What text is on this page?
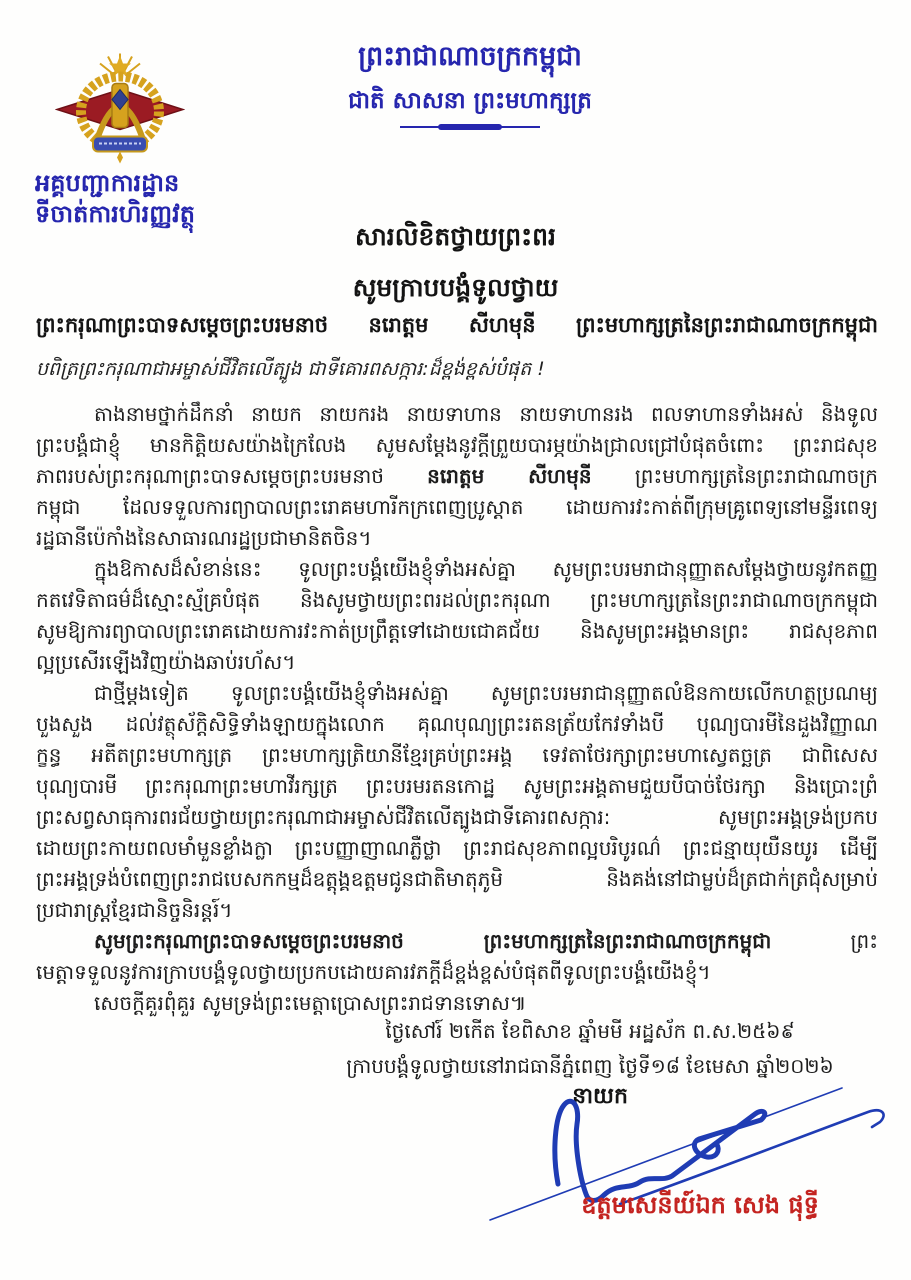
អគ្គបញ្ជាការដ្ឋាន
ទីចាត់ការហិរញ្ញវត្ថុ
ព្រះរាជាណាចក្រកម្ពុជា
ជាតិ សាសនា ព្រះមហាក្សត្រ
សារលិខិតថ្វាយព្រះពរ
សូមក្រាបបង្គំទូលថ្វាយ
ព្រះករុណាព្រះបាទសម្តេចព្រះបរមនាថ នរោត្តម សីហមុនី ព្រះមហាក្សត្រនៃព្រះរាជាណាចក្រកម្ពុជា
បពិត្រព្រះករុណាជាអម្ចាស់ជីវិតលើត្បូង ជាទីគោរពសក្ការ:ដ៏ខ្ពង់ខ្ពស់បំផុត !
តាងនាមថ្នាក់ដឹកនាំ នាយក នាយករង នាយទាហាន នាយទាហានរង ពលទាហានទាំងអស់ និងទូល
ព្រះបង្គំជាខ្ញុំ មានកិត្តិយសយ៉ាងក្រៃលែង សូមសម្តែងនូវក្តីព្រួយបារម្ភយ៉ាងជ្រាលជ្រៅបំផុតចំពោះ ព្រះរាជសុខ
ភាពរបស់ព្រះករុណាព្រះបាទសម្តេចព្រះបរមនាថ នរោត្តម សីហមុនី ព្រះមហាក្សត្រនៃព្រះរាជាណាចក្រ
កម្ពុជា ដែលទទួលការព្យាបាលព្រះរោគមហារីកក្រពេញប្រូស្តាត ដោយការវះកាត់ពីក្រុមគ្រូពេទ្យនៅមន្ទីរពេទ្យ
រដ្ឋធានីប៉េកាំងនៃសាធារណរដ្ឋប្រជាមានិតចិន។
ក្នុងឱកាសដ៏សំខាន់នេះ ទូលព្រះបង្គំយើងខ្ញុំទាំងអស់គ្នា សូមព្រះបរមរាជានុញ្ញាតសម្តែងថ្វាយនូវកតញ្ញ
កតវេទិតាធម៌ដ៏ស្មោះស្ម័គ្របំផុត និងសូមថ្វាយព្រះពរដល់ព្រះករុណា ព្រះមហាក្សត្រនៃព្រះរាជាណាចក្រកម្ពុជា
សូមឱ្យការព្យាបាលព្រះរោគដោយការវះកាត់ប្រព្រឹត្តទៅដោយជោគជ័យ និងសូមព្រះអង្គមានព្រះ រាជសុខភាព
ល្អប្រសើរឡើងវិញយ៉ាងឆាប់រហ័ស។
ជាថ្មីម្តងទៀត ទូលព្រះបង្គំយើងខ្ញុំទាំងអស់គ្នា សូមព្រះបរមរាជានុញ្ញាតលំឱនកាយលើកហត្ថប្រណម្យ
បួងសួង ដល់វត្ថុស័ក្តិសិទ្ធិទាំងឡាយក្នុងលោក គុណបុណ្យព្រះរតនត្រ័យកែវទាំងបី បុណ្យបារមីនៃដួងវិញ្ញាណ
ក្ខន្ធ អតីតព្រះមហាក្សត្រ ព្រះមហាក្សត្រិយានីខ្មែរគ្រប់ព្រះអង្គ ទេវតាថែរក្សាព្រះមហាស្វេតច្ឆត្រ ជាពិសេស
បុណ្យបារមី ព្រះករុណាព្រះមហាវីរក្សត្រ ព្រះបរមរតនកោដ្ឋ សូមព្រះអង្គតាមជួយបីបាច់ថែរក្សា និងប្រោះព្រំ
ព្រះសព្វសាធុការពរជ័យថ្វាយព្រះករុណាជាអម្ចាស់ជីវិតលើត្បូងជាទីគោរពសក្ការ: សូមព្រះអង្គទ្រង់ប្រកប
ដោយព្រះកាយពលមាំមួនខ្លាំងក្លា ព្រះបញ្ញាញាណភ្លឺថ្លា ព្រះរាជសុខភាពល្អបរិបូរណ៌ ព្រះជន្មាយុយឺនយូរ ដើម្បី
ព្រះអង្គទ្រង់បំពេញព្រះរាជបេសកកម្មដ៏ឧត្តុង្គឧត្តមជូនជាតិមាតុភូមិ និងគង់នៅជាម្លប់ដ៏ត្រជាក់ត្រជុំសម្រាប់
ប្រជារាស្ត្រខ្មែរជានិច្ចនិរន្តរ៍។
សូមព្រះករុណាព្រះបាទសម្តេចព្រះបរមនាថ ព្រះមហាក្សត្រនៃព្រះរាជាណាចក្រកម្ពុជា ព្រះ
មេត្តាទទួលនូវការក្រាបបង្គំទូលថ្វាយប្រកបដោយគារវភក្តីដ៏ខ្ពង់ខ្ពស់បំផុតពីទូលព្រះបង្គំយើងខ្ញុំ។
សេចក្តីគួរពុំគួរ សូមទ្រង់ព្រះមេត្តាប្រោសព្រះរាជទានទោស៕
ថ្ងៃសៅរ៍ ២កើត ខែពិសាខ ឆ្នាំមមី អដ្ឋស័ក ព.ស.២៥៦៩
ក្រាបបង្គំទូលថ្វាយនៅរាជធានីភ្នំពេញ ថ្ងៃទី១៨ ខែមេសា ឆ្នាំ២០២៦
នាយក
ឧត្តមសេនីយ៍ឯក សេង ផុទ្ធី
